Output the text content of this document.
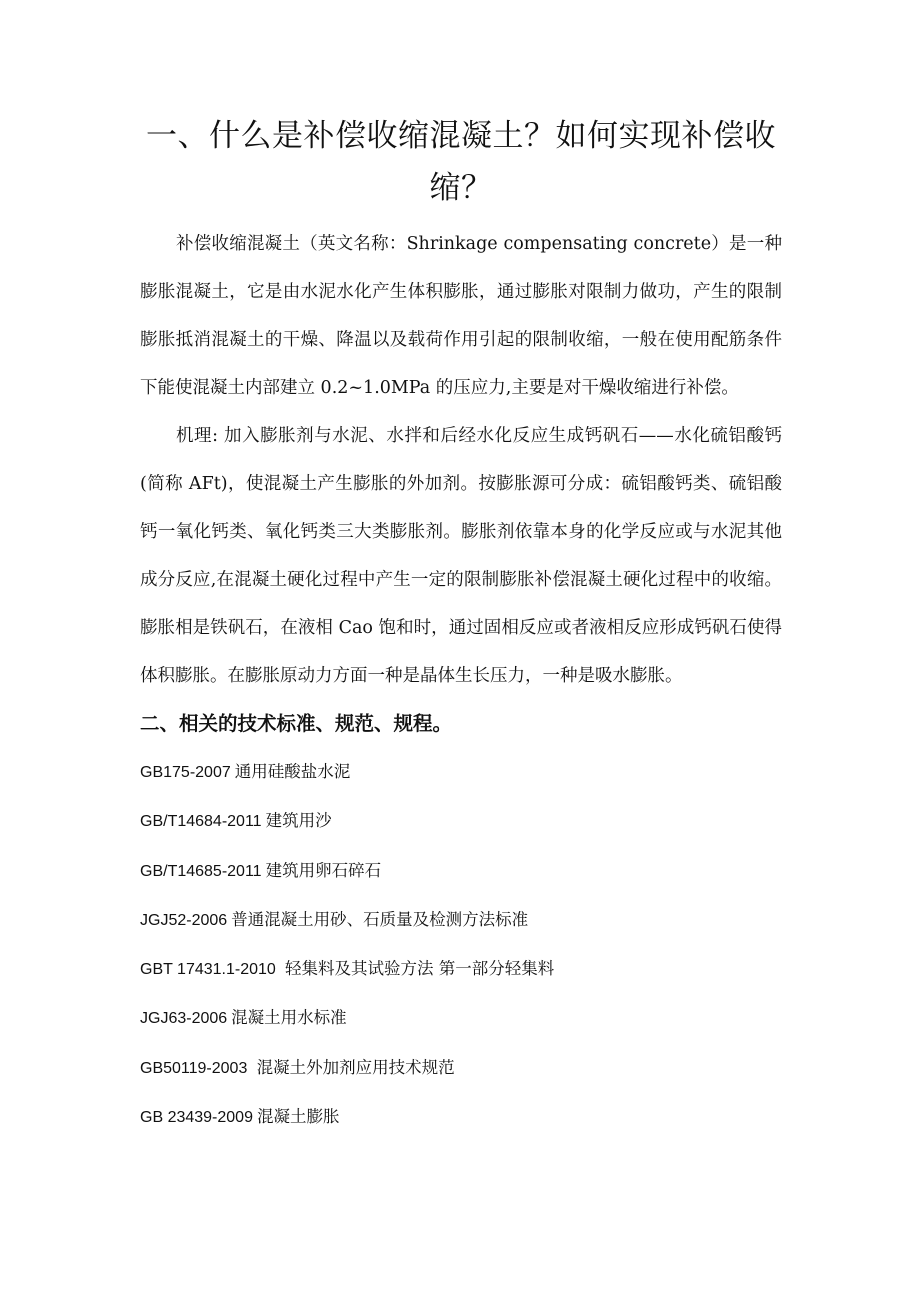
一、什么是补偿收缩混凝土？如何实现补偿收缩？

补偿收缩混凝土（英文名称：Shrinkage compensating concrete）是一种膨胀混凝土，它是由水泥水化产生体积膨胀，通过膨胀对限制力做功，产生的限制膨胀抵消混凝土的干燥、降温以及载荷作用引起的限制收缩，一般在使用配筋条件下能使混凝土内部建立 0.2~1.0MPa 的压应力,主要是对干燥收缩进行补偿。

机理: 加入膨胀剂与水泥、水拌和后经水化反应生成钙矾石——水化硫铝酸钙(简称 AFt)，使混凝土产生膨胀的外加剂。按膨胀源可分成：硫铝酸钙类、硫铝酸钙一氧化钙类、氧化钙类三大类膨胀剂。膨胀剂依靠本身的化学反应或与水泥其他成分反应,在混凝土硬化过程中产生一定的限制膨胀补偿混凝土硬化过程中的收缩。膨胀相是铁矾石，在液相 Cao 饱和时，通过固相反应或者液相反应形成钙矾石使得体积膨胀。在膨胀原动力方面一种是晶体生长压力，一种是吸水膨胀。

二、相关的技术标准、规范、规程。
GB175-2007 通用硅酸盐水泥
GB/T14684-2011 建筑用沙
GB/T14685-2011 建筑用卵石碎石
JGJ52-2006 普通混凝土用砂、石质量及检测方法标准
GBT 17431.1-2010 轻集料及其试验方法 第一部分轻集料
JGJ63-2006 混凝土用水标准
GB50119-2003 混凝土外加剂应用技术规范
GB 23439-2009 混凝土膨胀
